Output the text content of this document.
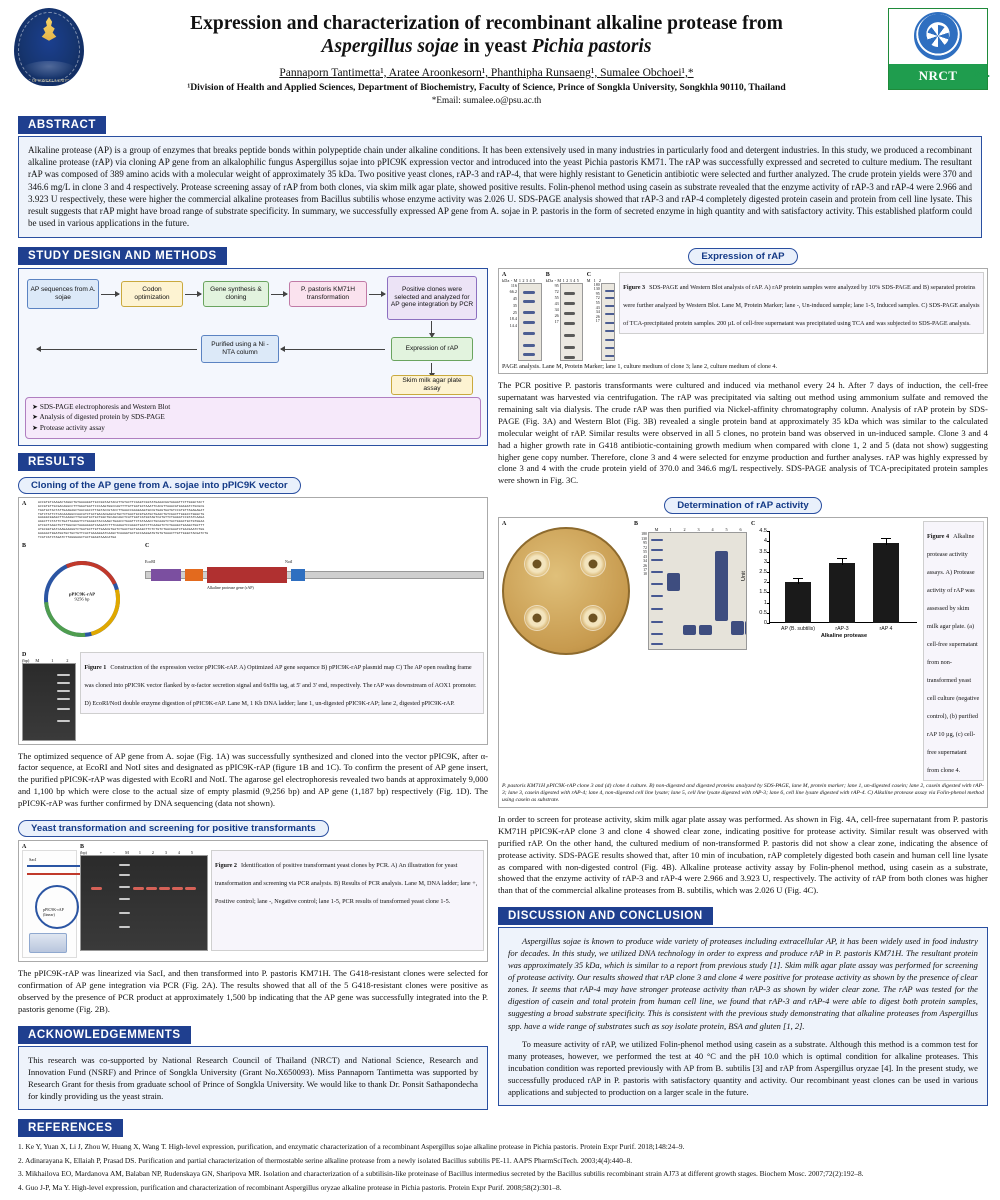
PRINCE OF SONGKLA UNIVERSITY
Expression and characterization of recombinant alkaline protease from
Aspergillus sojae in yeast Pichia pastoris
Pannaporn Tantimetta¹, Aratee Aroonkesorn¹, Phanthipha Runsaeng¹, Sumalee Obchoei¹,*
¹Division of Health and Applied Sciences, Department of Biochemistry, Faculty of Science, Prince of Songkla University, Songkhla 90110, Thailand
*Email: sumalee.o@psu.ac.th
NRCT	วช.
ABSTRACT
Alkaline protease (AP) is a group of enzymes that breaks peptide bonds within polypeptide chain under alkaline conditions. It has been extensively used in many industries in particularly food and detergent industries. In this study, we produced a recombinant alkaline protease (rAP) via cloning AP gene from an alkalophilic fungus Aspergillus sojae into pPIC9K expression vector and introduced into the yeast Pichia pastoris KM71. The rAP was successfully expressed and secreted to culture medium. The resultant rAP was composed of 389 amino acids with a molecular weight of approximately 35 kDa. Two positive yeast clones, rAP-3 and rAP-4, that were highly resistant to Geneticin antibiotic were selected and further analyzed. The crude protein yields were 370 and 346.6 mg/L in clone 3 and 4 respectively. Protease screening assay of rAP from both clones, via skim milk agar plate, showed positive results. Folin-phenol method using casein as substrate revealed that the enzyme activity of rAP-3 and rAP-4 were 2.966 and 3.923 U respectively, these were higher the commercial alkaline proteases from Bacillus subtilis whose enzyme activity was 2.026 U. SDS-PAGE analysis showed that rAP-3 and rAP-4 completely digested protein casein and protein from cell line lysate. This result suggests that rAP might have broad range of substrate specificity. In summary, we successfully expressed AP gene from A. sojae in P. pastoris in the form of secreted enzyme in high quantity and with satisfactory activity. This established platform could be used in various applications in the future.
STUDY DESIGN AND METHODS
AP sequences from A. sojae
Codon optimization
Gene synthesis & cloning
P. pastoris KM71H transformation
Positive clones were selected and analyzed for AP gene integration by PCR
Expression of rAP
Skim milk agar plate assay
Purified using a Ni - NTA column
➤ SDS-PAGE electrophoresis and Western Blot
➤ Analysis of digested protein by SDS-PAGE
➤ Protease activity assay
RESULTS
Cloning of the AP gene from A. sojae into pPIC9K vector
A	ACCGTGTCAAGACTAGGCTGTGAAAGGTTGCCGGTAATACATTGTACTTCAAGTCGGTATGAAACGGTAGAATTCTTGGGCTACT
GCCGTGTTGCGACAGGCCTTTGGATGATTCCCAAGTGGCCAGTTTTGTTGATGCTAAATTCACGTTAAACGTGAAGATCTGCGCG
TGATGCTACTATTGAAGAGCTAACAACCTTAGTACCGTACCTTGAACCAAAGAAGTGCCGTGAGTGATGTCCATGTTAGAGAGAT
TGTCTATTCTCACAAAGGCCAACATCTACTGACACGAGCATGCTCTGACTGCGTGATGCTGAACTGTCGACTTGGGCCTGGGCTG
GAAGGCGGAGCTTCAAAGCTTGCAATGCTGCTGGCTGCAGCAGCTCATTGGTCATGGTAGTCATGTTCTGAGATCCGTATCAAGA
AGGCTTCTATTCTGATTAAGGTTCTGAAGCTACCAAGCTGAACCTGAGTTCTATAAACCTGCAAGTCTACTGGACTGCTGTGGAA
GTCGCTAAGCTGTTTGGCGCTAAGAAGATCAAGATCTTTCAAGATCCAAGCTGATCTTCAAGATCTCTGAAGCTGAAGCTGGTTT
ATGCGGTGATCAAGAAAGGTCTGATGCTTGTTGAACGTGATCTGACTGCTGAAGCTTCTCTGTCTGACGAATCTGACGAATCTGG
GAAAACTGGATGGTGCTGCTGTTCACTAAAAGGATCAAGCTCAAGGTGCTACCAAGGATGTGTGTAAACTTGTTGGGCTACGATCTG
TCATCATCTAGATCTTAGGGAGCTACTAGAGTAAACATGA
B
pPIC9K-rAP
9256 bp
C
EcoRI	NotI
Alkaline protease gene (rAP)
D
(bp)	M	1	2
Figure 1 Construction of the expression vector pPIC9K-rAP. A) Optimized AP gene sequence B) pPIC9K-rAP plasmid map C) The AP open reading frame was cloned into pPIC9K vector flanked by α-factor secretion signal and 6xHis tag, at 5' and 3' end, respectively. The rAP was downstream of AOX1 promoter. D) EcoRI/NotI double enzyme digestion of pPIC9K-rAP. Lane M, 1 Kb DNA ladder; lane 1, un-digested pPIC9K-rAP; lane 2, digested pPIC9K-rAP.
The optimized sequence of AP gene from A. sojae (Fig. 1A) was successfully synthesized and cloned into the vector pPIC9K, after α-factor sequence, at EcoRI and NotI sites and designated as pPIC9K-rAP (figure 1B and 1C). To confirm the present of AP gene insert, the purified pPIC9K-rAP was digested with EcoRI and NotI. The agarose gel electrophoresis revealed two bands at approximately 9,000 and 1,100 bp which were close to the actual size of empty plasmid (9,256 bp) and AP gene (1,187 bp) respectively (Fig. 1D). The pPIC9K-rAP was further confirmed by DNA sequencing (data not shown).
Yeast transformation and screening for positive transformants
A
SacI
pPIC9K-rAP (linear)
B
(bp)	+	-	M	1	2	3	4	5
Figure 2 Identification of positive transformant yeast clones by PCR. A) An illustration for yeast transformation and screening via PCR analysis. B) Results of PCR analysis. Lane M, DNA ladder; lane +, Positive control; lane -, Negative control; lane 1-5, PCR results of transformed yeast clone 1-5.
The pPIC9K-rAP was linearized via SacI, and then transformed into P. pastoris KM71H. The G418-resistant clones were selected for confirmation of AP gene integration via PCR (Fig. 2A). The results showed that all of the 5 G418-resistant clones were positive as observed by the presence of PCR product at approximately 1,500 bp indicating that the AP gene was successfully integrated into the P. pastoris genome (Fig. 2B).
ACKNOWLEDGEMMENTS
This research was co-supported by National Research Council of Thailand (NRCT) and National Science, Research and Innovation Fund (NSRF) and Prince of Songkla University (Grant No.X650093). Miss Pannaporn Tantimetta was supported by Research Grant for thesis from graduate school of Prince of Songkla University. We would like to thank Dr. Ponsit Sathapondecha for kindly providing us the yeast strain.
Expression of rAP
A
kDa - M 1 2 3 4 5
116
66.2
45
35
25
18.4
14.4
B
kDa - M 1 2 3 4 5
95
72
55
43
34
26
17
C
M   1   2
180
130
95
72
55
43
34
26
17
Figure 3 SDS-PAGE and Western Blot analysis of rAP. A) rAP protein samples were analyzed by 10% SDS-PAGE and B) separated proteins were further analyzed by Western Blot. Lane M, Protein Marker; lane -, Un-induced sample; lane 1-5, Induced samples. C) SDS-PAGE analysis of TCA-precipitated protein samples. 200 µL of cell-free supernatant was precipitated using TCA and was subjected to SDS-PAGE analysis.
PAGE analysis. Lane M, Protein Marker; lane 1, culture medium of clone 3; lane 2, culture medium of clone 4.
The PCR positive P. pastoris transformants were cultured and induced via methanol every 24 h. After 7 days of induction, the cell-free supernatant was harvested via centrifugation. The rAP was precipitated via salting out method using ammonium sulfate and removed the remaining salt via dialysis. The crude rAP was then purified via Nickel-affinity chromatography column. Analysis of rAP protein by SDS-PAGE (Fig. 3A) and Western Blot (Fig. 3B) revealed a single protein band at approximately 35 kDa which was similar to the calculated molecular weight of rAP. Similar results were observed in all 5 clones, no protein band was observed in un-induced sample. Clone 3 and 4 had a higher growth rate in G418 antibiotic-containing growth medium when compared with clone 1, 2 and 5 (data not show) suggesting higher gene copy number. Therefore, clone 3 and 4 were selected for enzyme production and further analyses. rAP was highly expressed by clone 3 and 4 with the crude protein yield of 370.0 and 346.6 mg/L respectively. SDS-PAGE analysis of TCA-precipitated protein samples were shown in Fig. 3C.
Determination of rAP activity
A	B
M	1	2	3	4	5	6
180
130
95
72
55
43
34
26
17
10
C
Unit
0
0.5
1
1.5
2
2.5
3
3.5
4
4.5
AP (B. subtilis)	rAP-3	rAP 4
Alkaline protease
Figure 4 Alkaline protease activity assays. A) Protease activity of rAP was assessed by skim milk agar plate. (a) cell-free supernatant from non-transformed yeast cell culture (negative control), (b) purified rAP 10 µg, (c) cell-free supernatant from clone 4.
P. pastoris KM71H pPIC9K-rAP clone 3 and (d) clone 4 culture. B) non-digested and digested proteins analyzed by SDS-PAGE, lane M, protein marker; lane 1, un-digested casein; lane 2, casein digested with rAP-3; lane 3, casein digested with rAP-4; lane 4, non-digested cell line lysate; lane 5, cell line lysate digested with rAP-3; lane 6, cell line lysate digested with rAP-4. C) Alkaline protease assay via Folin-phenol method using casein as substrate.
In order to screen for protease activity, skim milk agar plate assay was performed. As shown in Fig. 4A, cell-free supernatant from P. pastoris KM71H pPIC9K-rAP clone 3 and clone 4 showed clear zone, indicating positive for protease activity. Similar result was observed with purified rAP. On the other hand, the cultured medium of non-transformed P. pastoris did not show a clear zone, indicating the absence of protease activity. SDS-PAGE results showed that, after 10 min of incubation, rAP completely digested both casein and human cell line lysate as compared with non-digested control (Fig. 4B). Alkaline protease activity assay by Folin-phenol method, using casein as a substrate, showed that the enzyme activity of rAP-3 and rAP-4 were 2.966 and 3.923 U, respectively. The activity of rAP from both clones was higher than that of the commercial alkaline proteases from B. subtilis, which was 2.026 U (Fig. 4C).
DISCUSSION AND CONCLUSION

Aspergillus sojae is known to produce wide variety of proteases including extracellular AP, it has been widely used in food industry for decades. In this study, we utilized DNA technology in order to express and produce rAP in P. pastoris KM71H. The resultant protein was approximately 35 kDa, which is similar to a report from previous study [1]. Skim milk agar plate assay was performed for screening of protease activity. Our results showed that rAP clone 3 and clone 4 were positive for protease activity as shown by the presence of clear zones. It seems that rAP-4 may have stronger protease activity than rAP-3 as shown by wider clear zone. The rAP was tested for the digestion of casein and total protein from human cell line, we found that rAP-3 and rAP-4 were able to digest both protein samples, suggesting a broad substrate specificity. This is consistent with the previous study demonstrating that alkaline proteases from Aspergillus spp. have a wide range of substrates such as soy isolate protein, BSA and gluten [1, 2].

To measure activity of rAP, we utilized Folin-phenol method using casein as a substrate. Although this method is a common test for many proteases, however, we performed the test at 40 °C and the pH 10.0 which is optimal condition for alkaline proteases. This incubation condition was reported previously with AP from B. subtilis [3] and rAP from Aspergillus oryzae [4]. In the present study, we successfully produced rAP in P. pastoris with satisfactory quantity and activity. Our recombinant yeast clones can be used in various applications and subjected to production on a larger scale in the future.

REFERENCES
1. Ke Y, Yuan X, Li J, Zhou W, Huang X, Wang T. High-level expression, purification, and enzymatic characterization of a recombinant Aspergillus sojae alkaline protease in Pichia pastoris. Protein Expr Purif. 2018;148:24–9.
2. Adinarayana K, Ellaiah P, Prasad DS. Purification and partial characterization of thermostable serine alkaline protease from a newly isolated Bacillus subtilis PE-11. AAPS PharmSciTech. 2003;4(4):440–8.
3. Mikhailova EO, Mardanova AM, Balaban NP, Rudenskaya GN, Sharipova MR. Isolation and characterization of a subtilisin-like proteinase of Bacillus intermedius secreted by the Bacillus subtilis recombinant strain AJ73 at different growth stages. Biochem Mosc. 2007;72(2):192–8.
4. Guo J-P, Ma Y. High-level expression, purification and characterization of recombinant Aspergillus oryzae alkaline protease in Pichia pastoris. Protein Expr Purif. 2008;58(2):301–8.
